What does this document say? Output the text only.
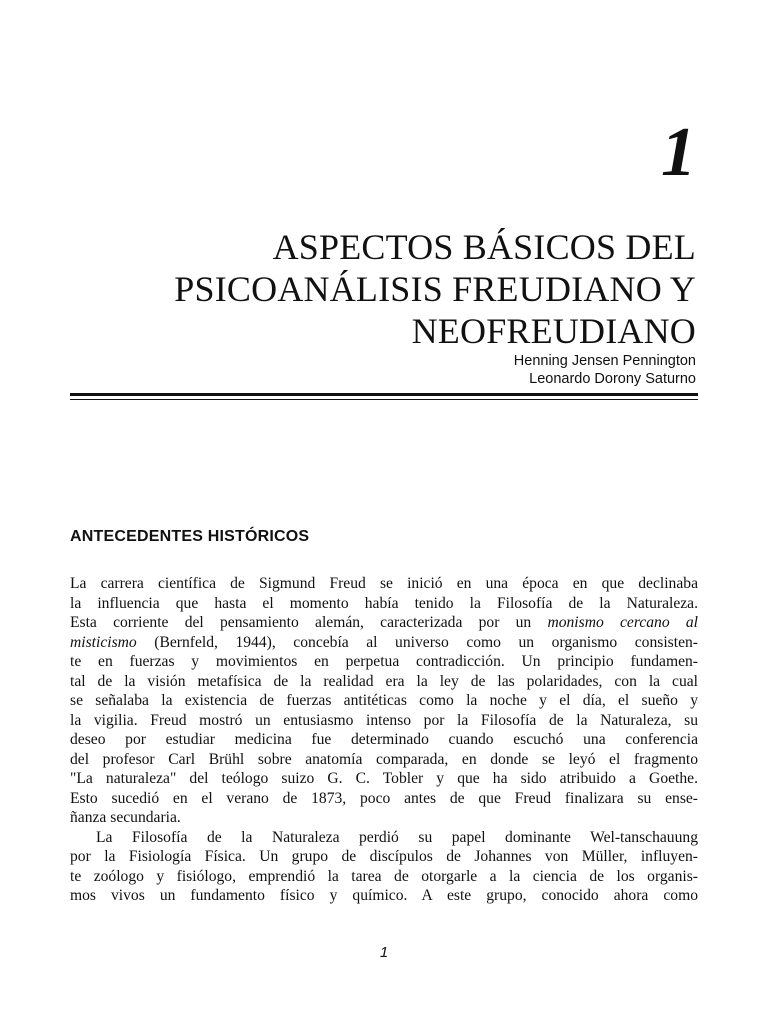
1
ASPECTOS BÁSICOS DEL
PSICOANÁLISIS FREUDIANO Y
NEOFREUDIANO
Henning Jensen Pennington
Leonardo Dorony Saturno
ANTECEDENTES HISTÓRICOS
La carrera científica de Sigmund Freud se inició en una época en que declinaba
la influencia que hasta el momento había tenido la Filosofía de la Naturaleza.
Esta corriente del pensamiento alemán, caracterizada por un monismo cercano al
misticismo (Bernfeld, 1944), concebía al universo como un organismo consisten-
te en fuerzas y movimientos en perpetua contradicción. Un principio fundamen-
tal de la visión metafísica de la realidad era la ley de las polaridades, con la cual
se señalaba la existencia de fuerzas antitéticas como la noche y el día, el sueño y
la vigilia. Freud mostró un entusiasmo intenso por la Filosofía de la Naturaleza, su
deseo por estudiar medicina fue determinado cuando escuchó una conferencia
del profesor Carl Brühl sobre anatomía comparada, en donde se leyó el fragmento
"La naturaleza" del teólogo suizo G. C. Tobler y que ha sido atribuido a Goethe.
Esto sucedió en el verano de 1873, poco antes de que Freud finalizara su ense-
ñanza secundaria.
La Filosofía de la Naturaleza perdió su papel dominante Wel-tanschauung
por la Fisiología Física. Un grupo de discípulos de Johannes von Müller, influyen-
te zoólogo y fisiólogo, emprendió la tarea de otorgarle a la ciencia de los organis-
mos vivos un fundamento físico y químico. A este grupo, conocido ahora como
1
